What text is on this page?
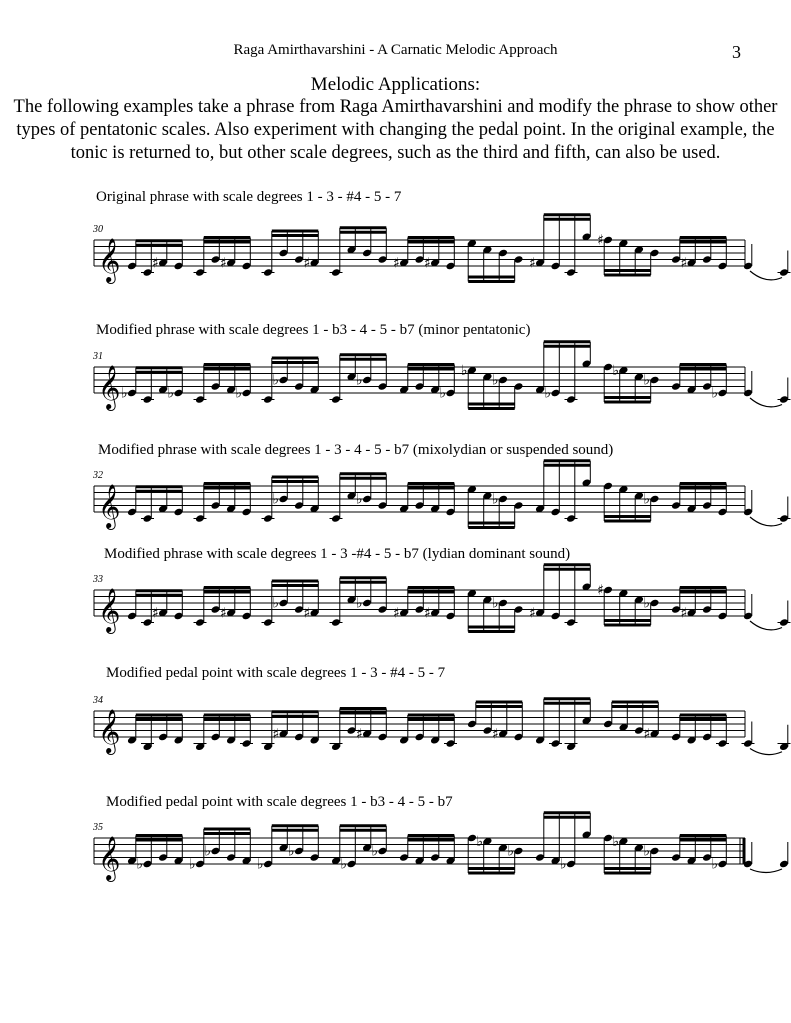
Raga Amirthavarshini - A Carnatic Melodic Approach	3
Melodic Applications:
The following examples take a phrase from Raga Amirthavarshini and modify the phrase to show other types of pentatonic scales. Also experiment with changing the pedal point. In the original example, the tonic is returned to, but other scale degrees, such as the third and fifth, can also be used.
Original phrase with scale degrees 1 - 3 - #4 - 5 - 7
30
𝄞 ♯	♯	♯	♯ ♯	♯
♯
♯
Modified phrase with scale degrees 1 - b3 - 4 - 5 - b7 (minor pentatonic)
31
𝄞 ♭	♭	♭
♭	♭
♭
♭
♭
♭
♭
♭
♭
Modified phrase with scale degrees 1 - 3 - 4 - 5 - b7 (mixolydian or suspended sound)
32
𝄞	♭	♭	♭	♭
Modified phrase with scale degrees 1 - 3 -#4 - 5 - b7 (lydian dominant sound)
33
𝄞 ♯	♯
♭
♯
♭
♯ ♯
♭
♯
♯
♭
♯
Modified pedal point with scale degrees 1 - 3 - #4 - 5 - 7
34
𝄞	♯	♯	♯	♯
Modified pedal point with scale degrees 1 - b3 - 4 - 5 - b7
35
𝄞 ♭	♭
♭
♭
♭
♭
♭
♭
♭
♭
♭
♭
♭
